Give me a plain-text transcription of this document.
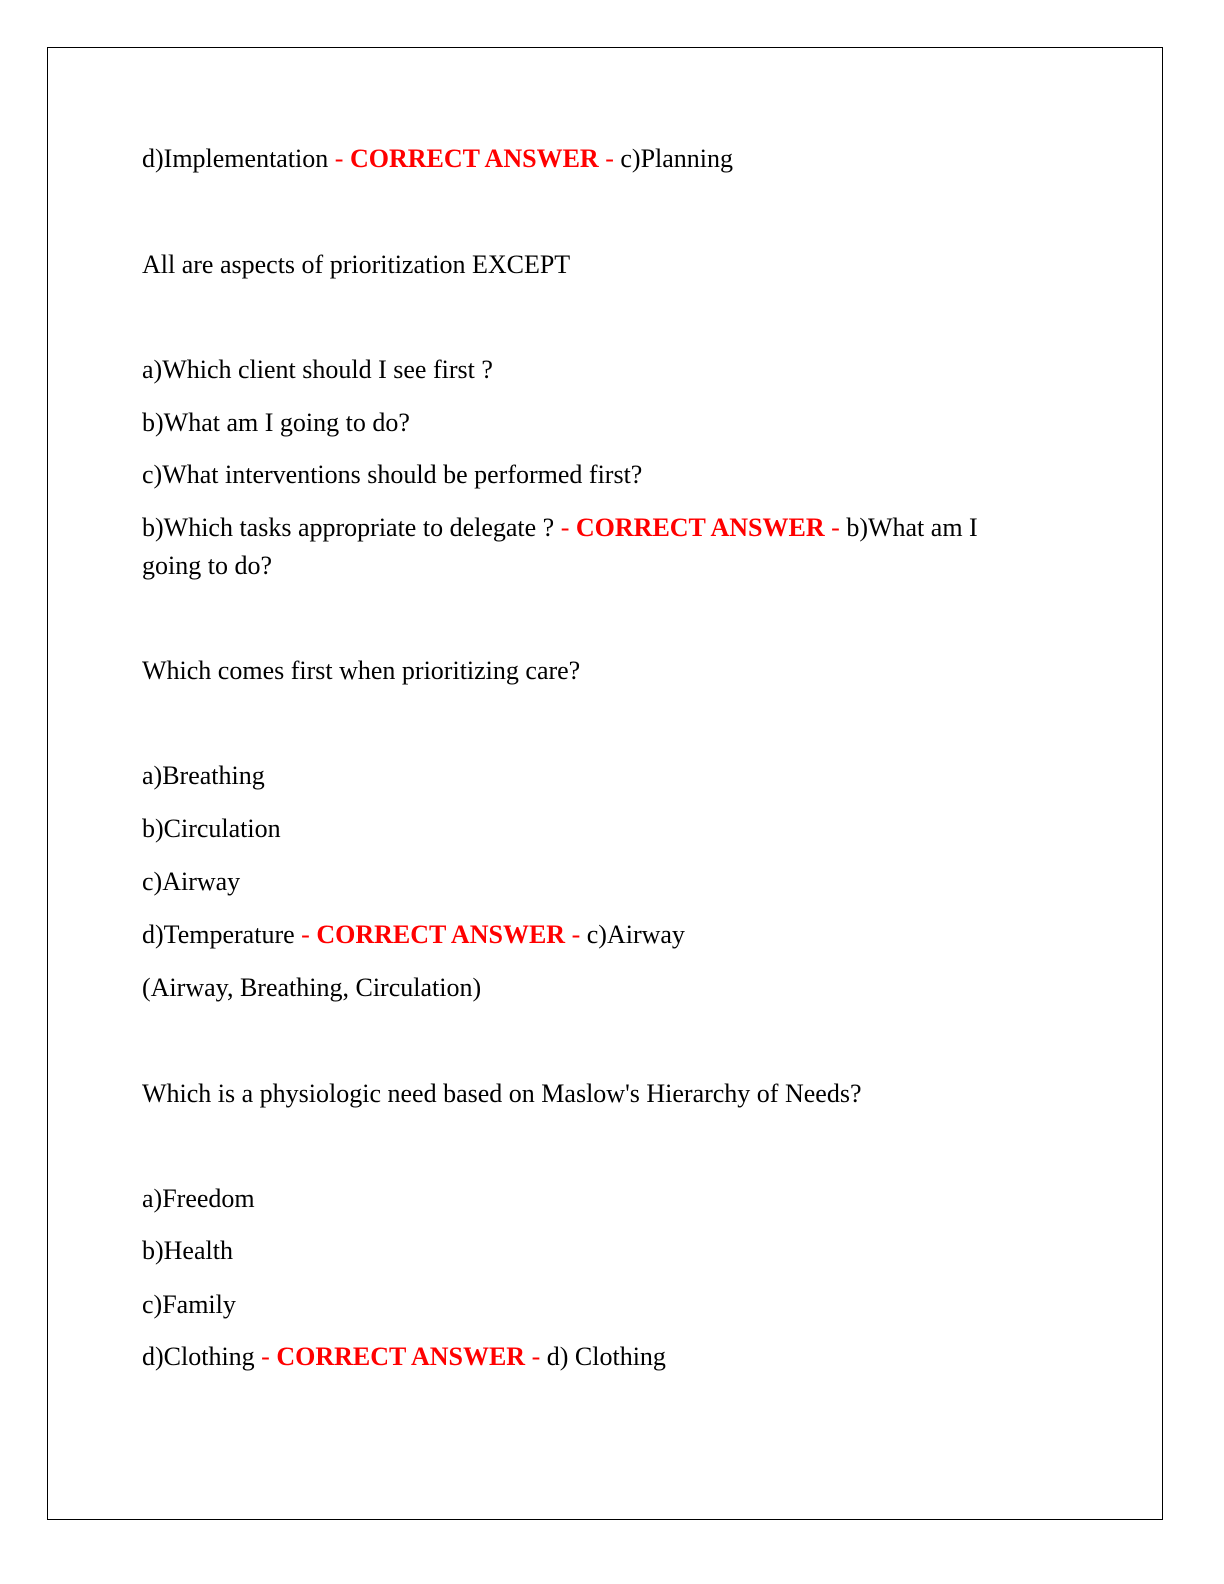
d)Implementation - CORRECT ANSWER - c)Planning
All are aspects of prioritization EXCEPT
a)Which client should I see first ?
b)What am I going to do?
c)What interventions should be performed first?
b)Which tasks appropriate to delegate ? - CORRECT ANSWER - b)What am I going to do?
Which comes first when prioritizing care?
a)Breathing
b)Circulation
c)Airway
d)Temperature - CORRECT ANSWER - c)Airway
(Airway, Breathing, Circulation)
Which is a physiologic need based on Maslow's Hierarchy of Needs?
a)Freedom
b)Health
c)Family
d)Clothing - CORRECT ANSWER - d) Clothing
